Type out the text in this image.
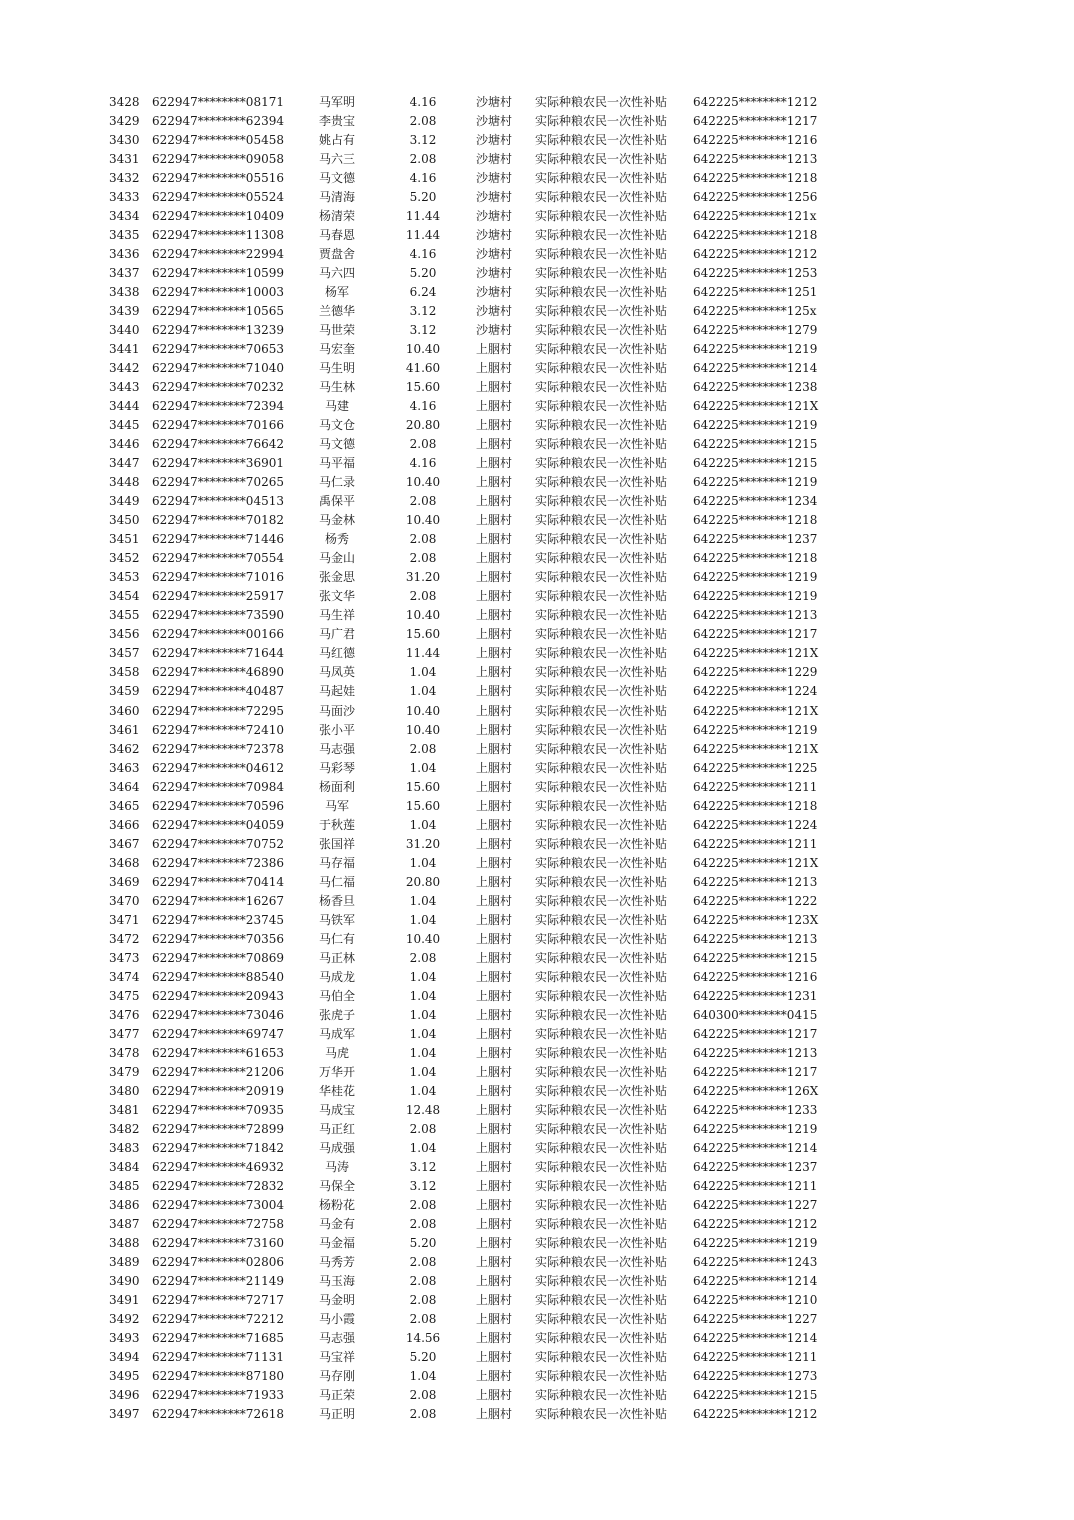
3428 622947********08171	马军明	4.16	沙塘村 实际种粮农民一次性补贴 642225********1212
3429 622947********62394	李贵宝	2.08	沙塘村 实际种粮农民一次性补贴 642225********1217
3430 622947********05458	姚占有	3.12	沙塘村 实际种粮农民一次性补贴 642225********1216
3431 622947********09058	马六三	2.08	沙塘村 实际种粮农民一次性补贴 642225********1213
3432 622947********05516	马文德	4.16	沙塘村 实际种粮农民一次性补贴 642225********1218
3433 622947********05524	马清海	5.20	沙塘村 实际种粮农民一次性补贴 642225********1256
3434 622947********10409	杨清荣	11.44	沙塘村 实际种粮农民一次性补贴 642225********121x
3435 622947********11308	马春恩	11.44	沙塘村 实际种粮农民一次性补贴 642225********1218
3436 622947********22994	贾盘舍	4.16	沙塘村 实际种粮农民一次性补贴 642225********1212
3437 622947********10599	马六四	5.20	沙塘村 实际种粮农民一次性补贴 642225********1253
3438 622947********10003	杨军	6.24	沙塘村 实际种粮农民一次性补贴 642225********1251
3439 622947********10565	兰德华	3.12	沙塘村 实际种粮农民一次性补贴 642225********125x
3440 622947********13239	马世荣	3.12	沙塘村 实际种粮农民一次性补贴 642225********1279
3441 622947********70653	马宏奎	10.40	上胭村 实际种粮农民一次性补贴 642225********1219
3442 622947********71040	马生明	41.60	上胭村 实际种粮农民一次性补贴 642225********1214
3443 622947********70232	马生林	15.60	上胭村 实际种粮农民一次性补贴 642225********1238
3444 622947********72394	马建	4.16	上胭村 实际种粮农民一次性补贴 642225********121X
3445 622947********70166	马文仓	20.80	上胭村 实际种粮农民一次性补贴 642225********1219
3446 622947********76642	马文德	2.08	上胭村 实际种粮农民一次性补贴 642225********1215
3447 622947********36901	马平福	4.16	上胭村 实际种粮农民一次性补贴 642225********1215
3448 622947********70265	马仁录	10.40	上胭村 实际种粮农民一次性补贴 642225********1219
3449 622947********04513	禹保平	2.08	上胭村 实际种粮农民一次性补贴 642225********1234
3450 622947********70182	马金林	10.40	上胭村 实际种粮农民一次性补贴 642225********1218
3451 622947********71446	杨秀	2.08	上胭村 实际种粮农民一次性补贴 642225********1237
3452 622947********70554	马金山	2.08	上胭村 实际种粮农民一次性补贴 642225********1218
3453 622947********71016	张金思	31.20	上胭村 实际种粮农民一次性补贴 642225********1219
3454 622947********25917	张文华	2.08	上胭村 实际种粮农民一次性补贴 642225********1219
3455 622947********73590	马生祥	10.40	上胭村 实际种粮农民一次性补贴 642225********1213
3456 622947********00166	马广君	15.60	上胭村 实际种粮农民一次性补贴 642225********1217
3457 622947********71644	马红德	11.44	上胭村 实际种粮农民一次性补贴 642225********121X
3458 622947********46890	马凤英	1.04	上胭村 实际种粮农民一次性补贴 642225********1229
3459 622947********40487	马起娃	1.04	上胭村 实际种粮农民一次性补贴 642225********1224
3460 622947********72295	马面沙	10.40	上胭村 实际种粮农民一次性补贴 642225********121X
3461 622947********72410	张小平	10.40	上胭村 实际种粮农民一次性补贴 642225********1219
3462 622947********72378	马志强	2.08	上胭村 实际种粮农民一次性补贴 642225********121X
3463 622947********04612	马彩琴	1.04	上胭村 实际种粮农民一次性补贴 642225********1225
3464 622947********70984	杨面利	15.60	上胭村 实际种粮农民一次性补贴 642225********1211
3465 622947********70596	马军	15.60	上胭村 实际种粮农民一次性补贴 642225********1218
3466 622947********04059	于秋莲	1.04	上胭村 实际种粮农民一次性补贴 642225********1224
3467 622947********70752	张国祥	31.20	上胭村 实际种粮农民一次性补贴 642225********1211
3468 622947********72386	马存福	1.04	上胭村 实际种粮农民一次性补贴 642225********121X
3469 622947********70414	马仁福	20.80	上胭村 实际种粮农民一次性补贴 642225********1213
3470 622947********16267	杨香旦	1.04	上胭村 实际种粮农民一次性补贴 642225********1222
3471 622947********23745	马铁军	1.04	上胭村 实际种粮农民一次性补贴 642225********123X
3472 622947********70356	马仁有	10.40	上胭村 实际种粮农民一次性补贴 642225********1213
3473 622947********70869	马正林	2.08	上胭村 实际种粮农民一次性补贴 642225********1215
3474 622947********88540	马成龙	1.04	上胭村 实际种粮农民一次性补贴 642225********1216
3475 622947********20943	马伯全	1.04	上胭村 实际种粮农民一次性补贴 642225********1231
3476 622947********73046	张虎子	1.04	上胭村 实际种粮农民一次性补贴 640300********0415
3477 622947********69747	马成军	1.04	上胭村 实际种粮农民一次性补贴 642225********1217
3478 622947********61653	马虎	1.04	上胭村 实际种粮农民一次性补贴 642225********1213
3479 622947********21206	万华开	1.04	上胭村 实际种粮农民一次性补贴 642225********1217
3480 622947********20919	华桂花	1.04	上胭村 实际种粮农民一次性补贴 642225********126X
3481 622947********70935	马成宝	12.48	上胭村 实际种粮农民一次性补贴 642225********1233
3482 622947********72899	马正红	2.08	上胭村 实际种粮农民一次性补贴 642225********1219
3483 622947********71842	马成强	1.04	上胭村 实际种粮农民一次性补贴 642225********1214
3484 622947********46932	马涛	3.12	上胭村 实际种粮农民一次性补贴 642225********1237
3485 622947********72832	马保全	3.12	上胭村 实际种粮农民一次性补贴 642225********1211
3486 622947********73004	杨粉花	2.08	上胭村 实际种粮农民一次性补贴 642225********1227
3487 622947********72758	马金有	2.08	上胭村 实际种粮农民一次性补贴 642225********1212
3488 622947********73160	马金福	5.20	上胭村 实际种粮农民一次性补贴 642225********1219
3489 622947********02806	马秀芳	2.08	上胭村 实际种粮农民一次性补贴 642225********1243
3490 622947********21149	马玉海	2.08	上胭村 实际种粮农民一次性补贴 642225********1214
3491 622947********72717	马金明	2.08	上胭村 实际种粮农民一次性补贴 642225********1210
3492 622947********72212	马小霞	2.08	上胭村 实际种粮农民一次性补贴 642225********1227
3493 622947********71685	马志强	14.56	上胭村 实际种粮农民一次性补贴 642225********1214
3494 622947********71131	马宝祥	5.20	上胭村 实际种粮农民一次性补贴 642225********1211
3495 622947********87180	马存刚	1.04	上胭村 实际种粮农民一次性补贴 642225********1273
3496 622947********71933	马正荣	2.08	上胭村 实际种粮农民一次性补贴 642225********1215
3497 622947********72618	马正明	2.08	上胭村 实际种粮农民一次性补贴 642225********1212
